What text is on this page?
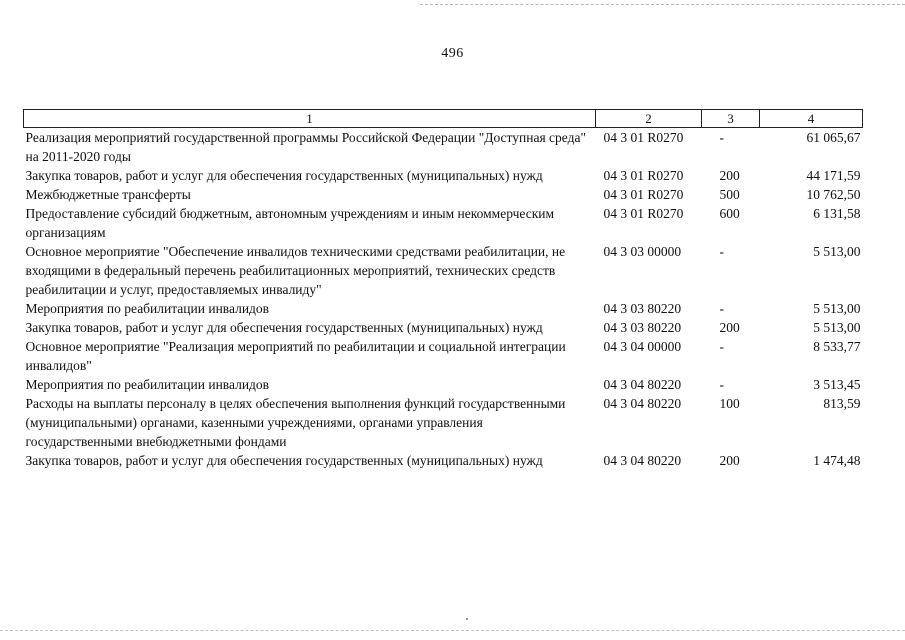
496
1	2	3	4
Реализация мероприятий государственной программы Российской Федерации "Доступная среда" на 2011-2020 годы	04 3 01 R0270	-	61 065,67
Закупка товаров, работ и услуг для обеспечения государственных (муниципальных) нужд	04 3 01 R0270	200	44 171,59
Межбюджетные трансферты	04 3 01 R0270	500	10 762,50
Предоставление субсидий бюджетным, автономным учреждениям и иным некоммерческим организациям	04 3 01 R0270	600	6 131,58
Основное мероприятие "Обеспечение инвалидов техническими средствами реабилитации, не входящими в федеральный перечень реабилитационных мероприятий, технических средств реабилитации и услуг, предоставляемых инвалиду"	04 3 03 00000	-	5 513,00
Мероприятия по реабилитации инвалидов	04 3 03 80220	-	5 513,00
Закупка товаров, работ и услуг для обеспечения государственных (муниципальных) нужд	04 3 03 80220	200	5 513,00
Основное мероприятие "Реализация мероприятий по реабилитации и социальной интеграции инвалидов"	04 3 04 00000	-	8 533,77
Мероприятия по реабилитации инвалидов	04 3 04 80220	-	3 513,45
Расходы на выплаты персоналу в целях обеспечения выполнения функций государственными (муниципальными) органами, казенными учреждениями, органами управления государственными внебюджетными фондами	04 3 04 80220	100	813,59
Закупка товаров, работ и услуг для обеспечения государственных (муниципальных) нужд	04 3 04 80220	200	1 474,48
